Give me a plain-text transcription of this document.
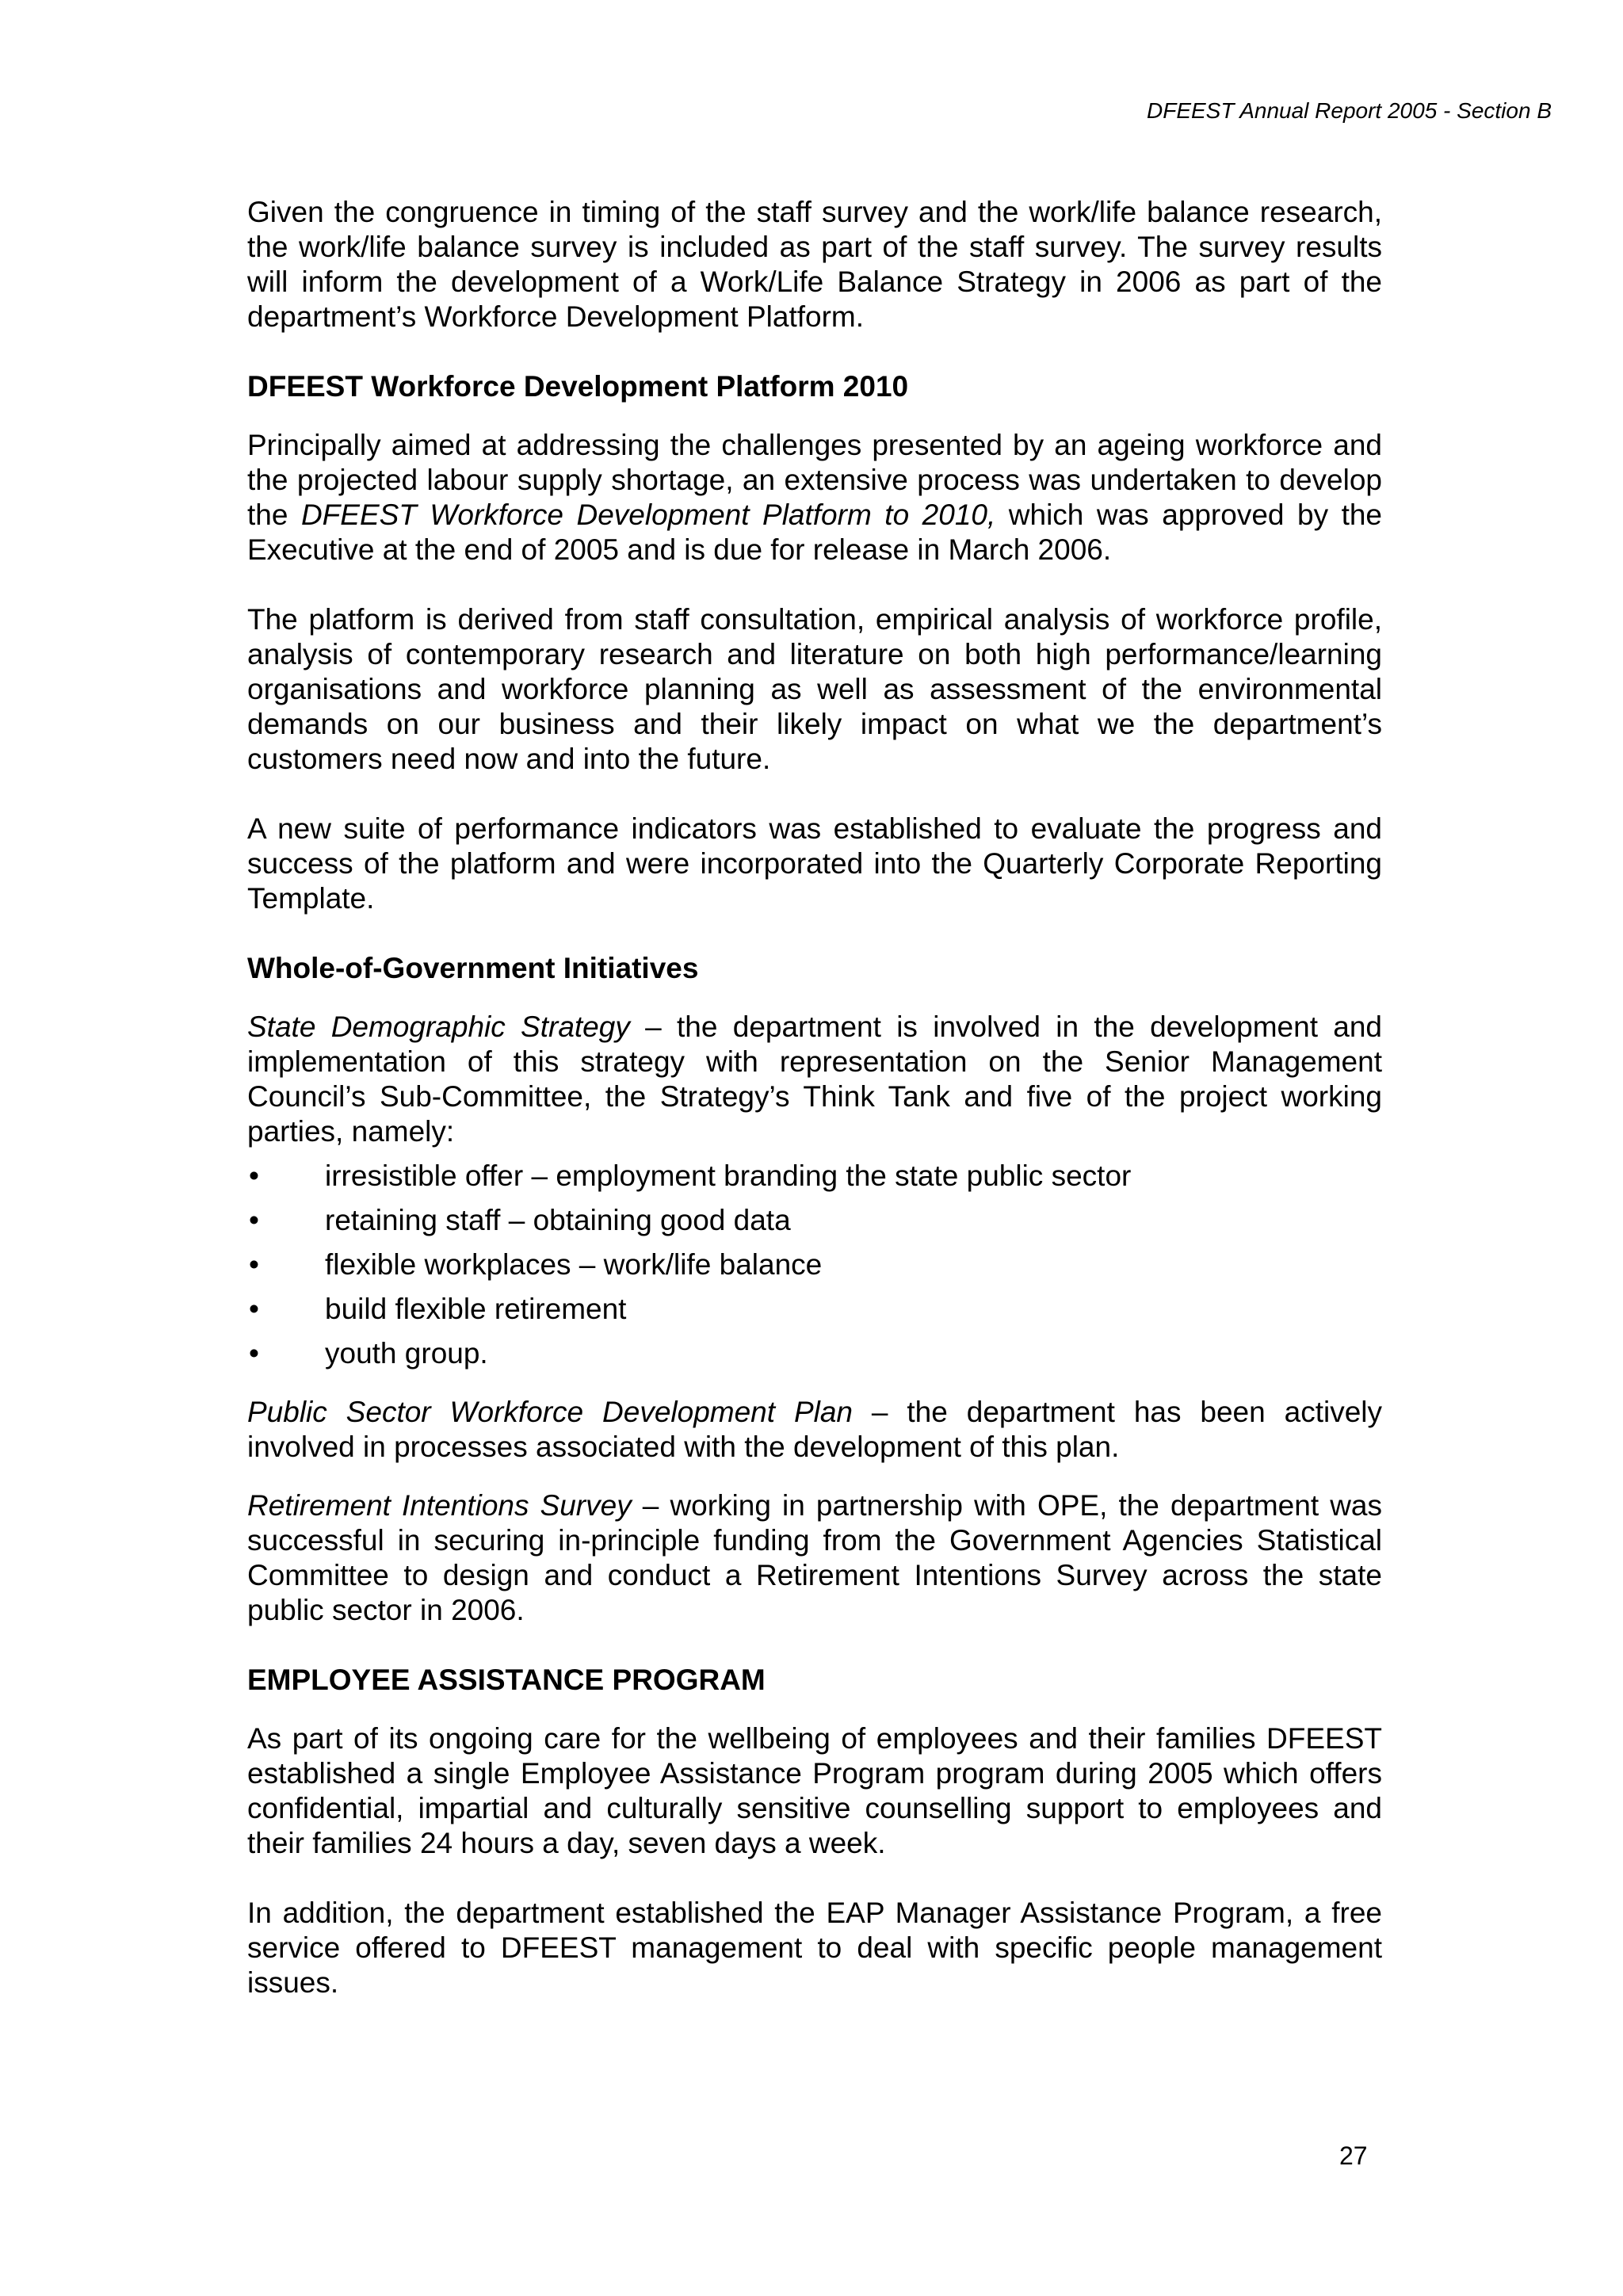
DFEEST Annual Report 2005 - Section B

Given the congruence in timing of the staff survey and the work/life balance research, the work/life balance survey is included as part of the staff survey. The survey results will inform the development of a Work/Life Balance Strategy in 2006 as part of the department’s Workforce Development Platform.

DFEEST Workforce Development Platform 2010

Principally aimed at addressing the challenges presented by an ageing workforce and the projected labour supply shortage, an extensive process was undertaken to develop the DFEEST Workforce Development Platform to 2010, which was approved by the Executive at the end of 2005 and is due for release in March 2006.

The platform is derived from staff consultation, empirical analysis of workforce profile, analysis of contemporary research and literature on both high performance/learning organisations and workforce planning as well as assessment of the environmental demands on our business and their likely impact on what we the department’s customers need now and into the future.

A new suite of performance indicators was established to evaluate the progress and success of the platform and were incorporated into the Quarterly Corporate Reporting Template.

Whole-of-Government Initiatives

State Demographic Strategy – the department is involved in the development and implementation of this strategy with representation on the Senior Management Council’s Sub-Committee, the Strategy’s Think Tank and five of the project working parties, namely:

• irresistible offer – employment branding the state public sector
• retaining staff – obtaining good data
• flexible workplaces – work/life balance
• build flexible retirement
• youth group.

Public Sector Workforce Development Plan – the department has been actively involved in processes associated with the development of this plan.

Retirement Intentions Survey – working in partnership with OPE, the department was successful in securing in-principle funding from the Government Agencies Statistical Committee to design and conduct a Retirement Intentions Survey across the state public sector in 2006.

EMPLOYEE ASSISTANCE PROGRAM

As part of its ongoing care for the wellbeing of employees and their families DFEEST established a single Employee Assistance Program program during 2005 which offers confidential, impartial and culturally sensitive counselling support to employees and their families 24 hours a day, seven days a week.

In addition, the department established the EAP Manager Assistance Program, a free service offered to DFEEST management to deal with specific people management issues.

27
